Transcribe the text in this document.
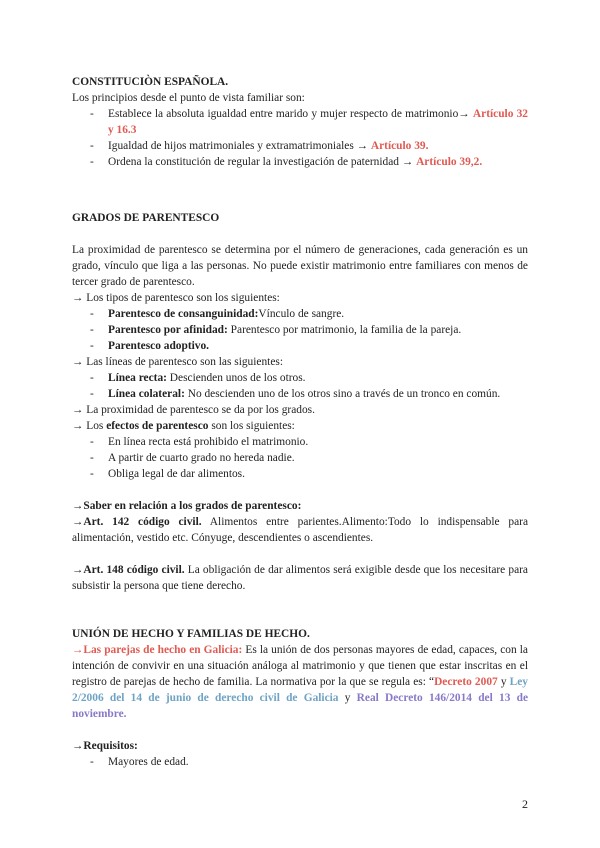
CONSTITUCIÒN ESPAÑOLA.

Los principios desde el punto de vista familiar son:

- Establece la absoluta igualdad entre marido y mujer respecto de matrimonio→ Artículo 32 y 16.3
- Igualdad de hijos matrimoniales y extramatrimoniales → Artículo 39.
- Ordena la constitución de regular la investigación de paternidad → Artículo 39,2.

GRADOS DE PARENTESCO

La proximidad de parentesco se determina por el número de generaciones, cada generación es un grado, vínculo que liga a las personas. No puede existir matrimonio entre familiares con menos de tercer grado de parentesco.

→ Los tipos de parentesco son los siguientes:

- Parentesco de consanguinidad:Vínculo de sangre.
- Parentesco por afinidad: Parentesco por matrimonio, la familia de la pareja.
- Parentesco adoptivo.

→ Las líneas de parentesco son las siguientes:

- Línea recta: Descienden unos de los otros.
- Línea colateral: No descienden uno de los otros sino a través de un tronco en común.

→ La proximidad de parentesco se da por los grados.

→ Los efectos de parentesco son los siguientes:

- En línea recta está prohibido el matrimonio.
- A partir de cuarto grado no hereda nadie.
- Obliga legal de dar alimentos.

→Saber en relación a los grados de parentesco:

→Art. 142 código civil. Alimentos entre parientes.Alimento:Todo lo indispensable para alimentación, vestido etc. Cónyuge, descendientes o ascendientes.

→Art. 148 código civil. La obligación de dar alimentos será exigible desde que los necesitare para subsistir la persona que tiene derecho.

UNIÓN DE HECHO Y FAMILIAS DE HECHO.

→Las parejas de hecho en Galicia: Es la unión de dos personas mayores de edad, capaces, con la intención de convivir en una situación análoga al matrimonio y que tienen que estar inscritas en el registro de parejas de hecho de familia. La normativa por la que se regula es: “Decreto 2007 y Ley 2/2006 del 14 de junio de derecho civil de Galicia y Real Decreto 146/2014 del 13 de noviembre.

→Requisitos:

- Mayores de edad.
2
